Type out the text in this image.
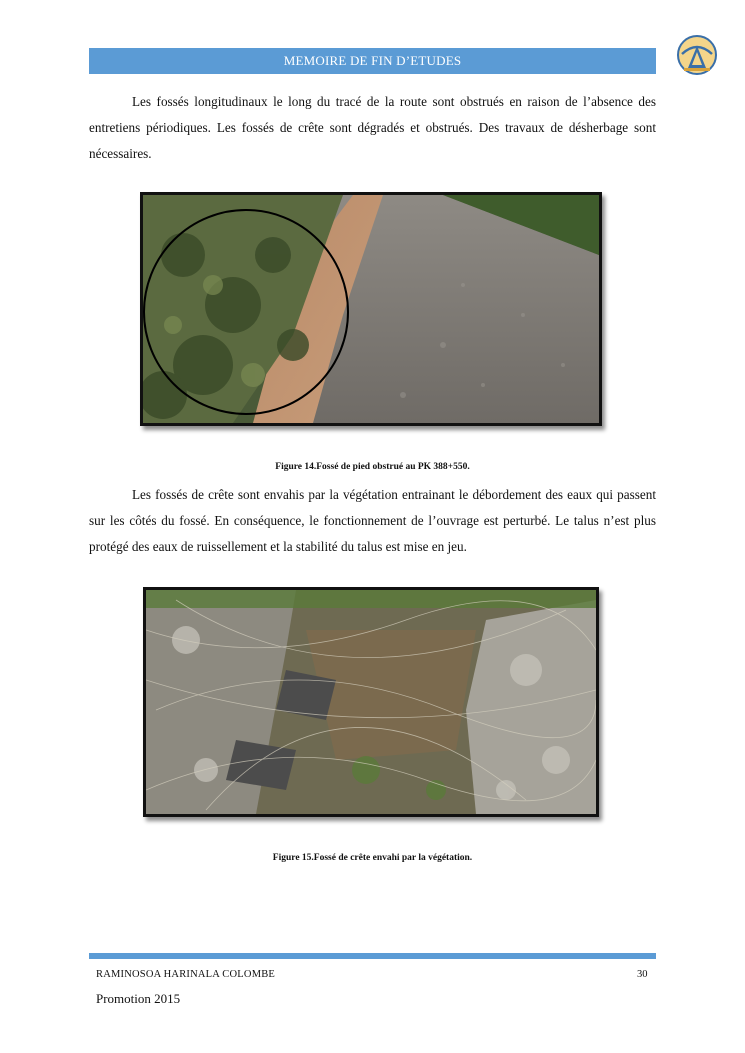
MEMOIRE DE FIN D’ETUDES

Les fossés longitudinaux le long du tracé de la route sont obstrués en raison de l’absence des entretiens périodiques. Les fossés de crête sont dégradés et obstrués. Des travaux de désherbage sont nécessaires.

Figure 14.Fossé de pied obstrué au PK 388+550.

Les fossés de crête sont envahis par la végétation entrainant le débordement des eaux qui passent sur les côtés du fossé. En conséquence, le fonctionnement de l’ouvrage est perturbé. Le talus n’est plus protégé des eaux de ruissellement et la stabilité du talus est mise en jeu.

Figure 15.Fossé de crête envahi par la végétation.
RAMINOSOA HARINALA COLOMBE	30
Promotion 2015
